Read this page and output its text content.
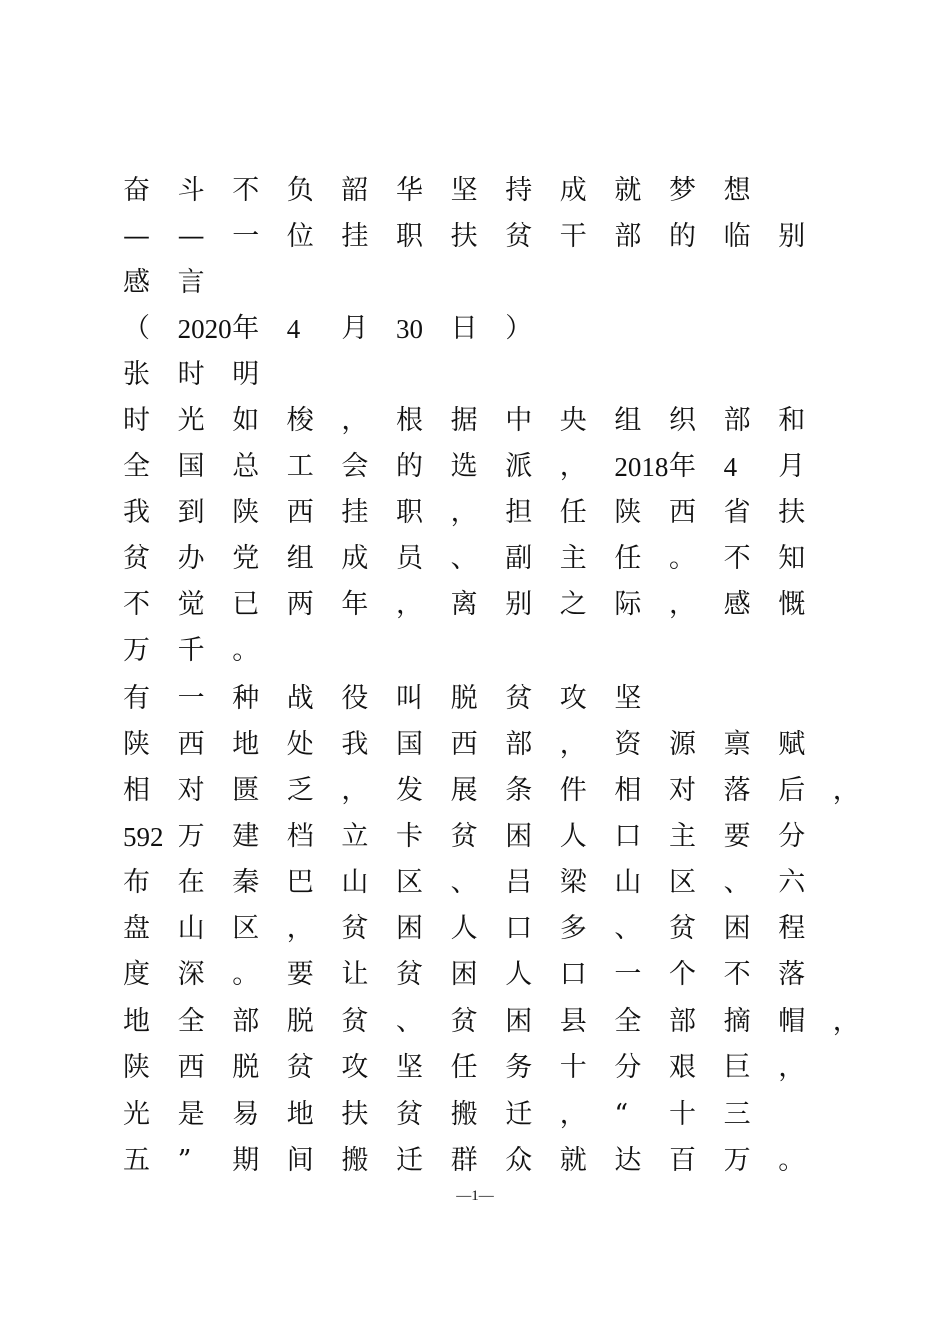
奋 斗 不 负 韶 华 坚 持 成 就 梦 想
— — 一 位 挂 职 扶 贫 干 部 的 临 别
感 言
（ 2020 年 4 月 30 日 ）
张 时 明
时 光 如 梭 ， 根 据 中 央 组 织 部 和
全 国 总 工 会 的 选 派 ， 2018 年 4 月
我 到 陕 西 挂 职 ， 担 任 陕 西 省 扶
贫 办 党 组 成 员 、 副 主 任 。 不 知
不 觉 已 两 年 ， 离 别 之 际 ， 感 慨
万 千 。
有 一 种 战 役 叫 脱 贫 攻 坚
陕 西 地 处 我 国 西 部 ， 资 源 禀 赋
相 对 匮 乏 ， 发 展 条 件 相 对 落 后 ，
592 万 建 档 立 卡 贫 困 人 口 主 要 分
布 在 秦 巴 山 区 、 吕 梁 山 区 、 六
盘 山 区 ， 贫 困 人 口 多 、 贫 困 程
度 深 。 要 让 贫 困 人 口 一 个 不 落
地 全 部 脱 贫 、 贫 困 县 全 部 摘 帽 ，
陕 西 脱 贫 攻 坚 任 务 十 分 艰 巨 ，
光 是 易 地 扶 贫 搬 迁 ， “	十 三
五 ”	期 间 搬 迁 群 众 就 达 百 万 。
—1—
